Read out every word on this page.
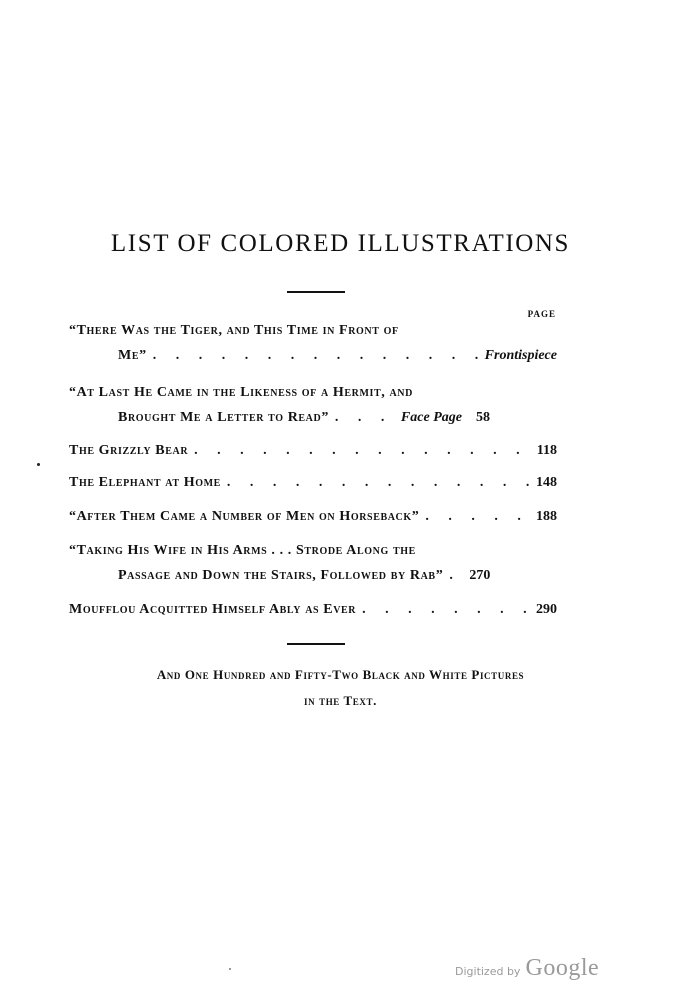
LIST OF COLORED ILLUSTRATIONS
PAGE
“There Was the Tiger, and This Time in Front of
Me” . . .	Frontispiece
“At Last He Came in the Likeness of a Hermit, and
Brought Me a Letter to Read” . . .	Face Page 58
The Grizzly Bear . . .	118
The Elephant at Home . . .	148
“After Them Came a Number of Men on Horseback” . . .	188
“Taking His Wife in His Arms . . . Strode Along the
Passage and Down the Stairs, Followed by Rab” . . . 270
Moufflou Acquitted Himself Ably as Ever . . .	290
And One Hundred and Fifty-Two Black and White Pictures
in the Text.
Digitized by Google
